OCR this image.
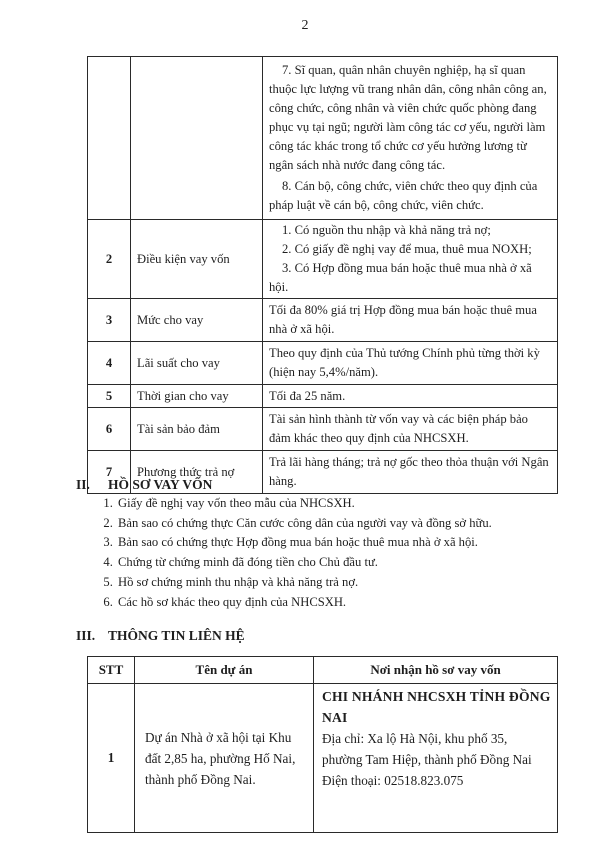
2

		7. Sĩ quan, quân nhân chuyên nghiệp, hạ sĩ quan thuộc lực lượng vũ trang nhân dân, công nhân công an, công chức, công nhân và viên chức quốc phòng đang phục vụ tại ngũ; người làm công tác cơ yếu, người làm công tác khác trong tổ chức cơ yếu hưởng lương từ ngân sách nhà nước đang công tác.

8. Cán bộ, công chức, viên chức theo quy định của pháp luật về cán bộ, công chức, viên chức.

2	Điều kiện vay vốn	1. Có nguồn thu nhập và khả năng trả nợ;

2. Có giấy đề nghị vay để mua, thuê mua NOXH;

3. Có Hợp đồng mua bán hoặc thuê mua nhà ở xã hội.

3	Mức cho vay	Tối đa 80% giá trị Hợp đồng mua bán hoặc thuê mua nhà ở xã hội.

4	Lãi suất cho vay	Theo quy định của Thủ tướng Chính phủ từng thời kỳ (hiện nay 5,4%/năm).

5	Thời gian cho vay	Tối đa 25 năm.

6	Tài sản bảo đảm	Tài sản hình thành từ vốn vay và các biện pháp bảo đảm khác theo quy định của NHCSXH.

7	Phương thức trả nợ	Trả lãi hàng tháng; trả nợ gốc theo thỏa thuận với Ngân hàng.

II. HỒ SƠ VAY VỐN
1. Giấy đề nghị vay vốn theo mẫu của NHCSXH.
2. Bản sao có chứng thực Căn cước công dân của người vay và đồng sở hữu.
3. Bản sao có chứng thực Hợp đồng mua bán hoặc thuê mua nhà ở xã hội.
4. Chứng từ chứng minh đã đóng tiền cho Chủ đầu tư.
5. Hồ sơ chứng minh thu nhập và khả năng trả nợ.
6. Các hồ sơ khác theo quy định của NHCSXH.
III. THÔNG TIN LIÊN HỆ
STT	Tên dự án	Nơi nhận hồ sơ vay vốn
1	Dự án Nhà ở xã hội tại Khu đất 2,85 ha, phường Hố Nai, thành phố Đồng Nai.	CHI NHÁNH NHCSXH TỈNH ĐỒNG NAI
Địa chỉ: Xa lộ Hà Nội, khu phố 35, phường Tam Hiệp, thành phố Đồng Nai
Điện thoại: 02518.823.075
